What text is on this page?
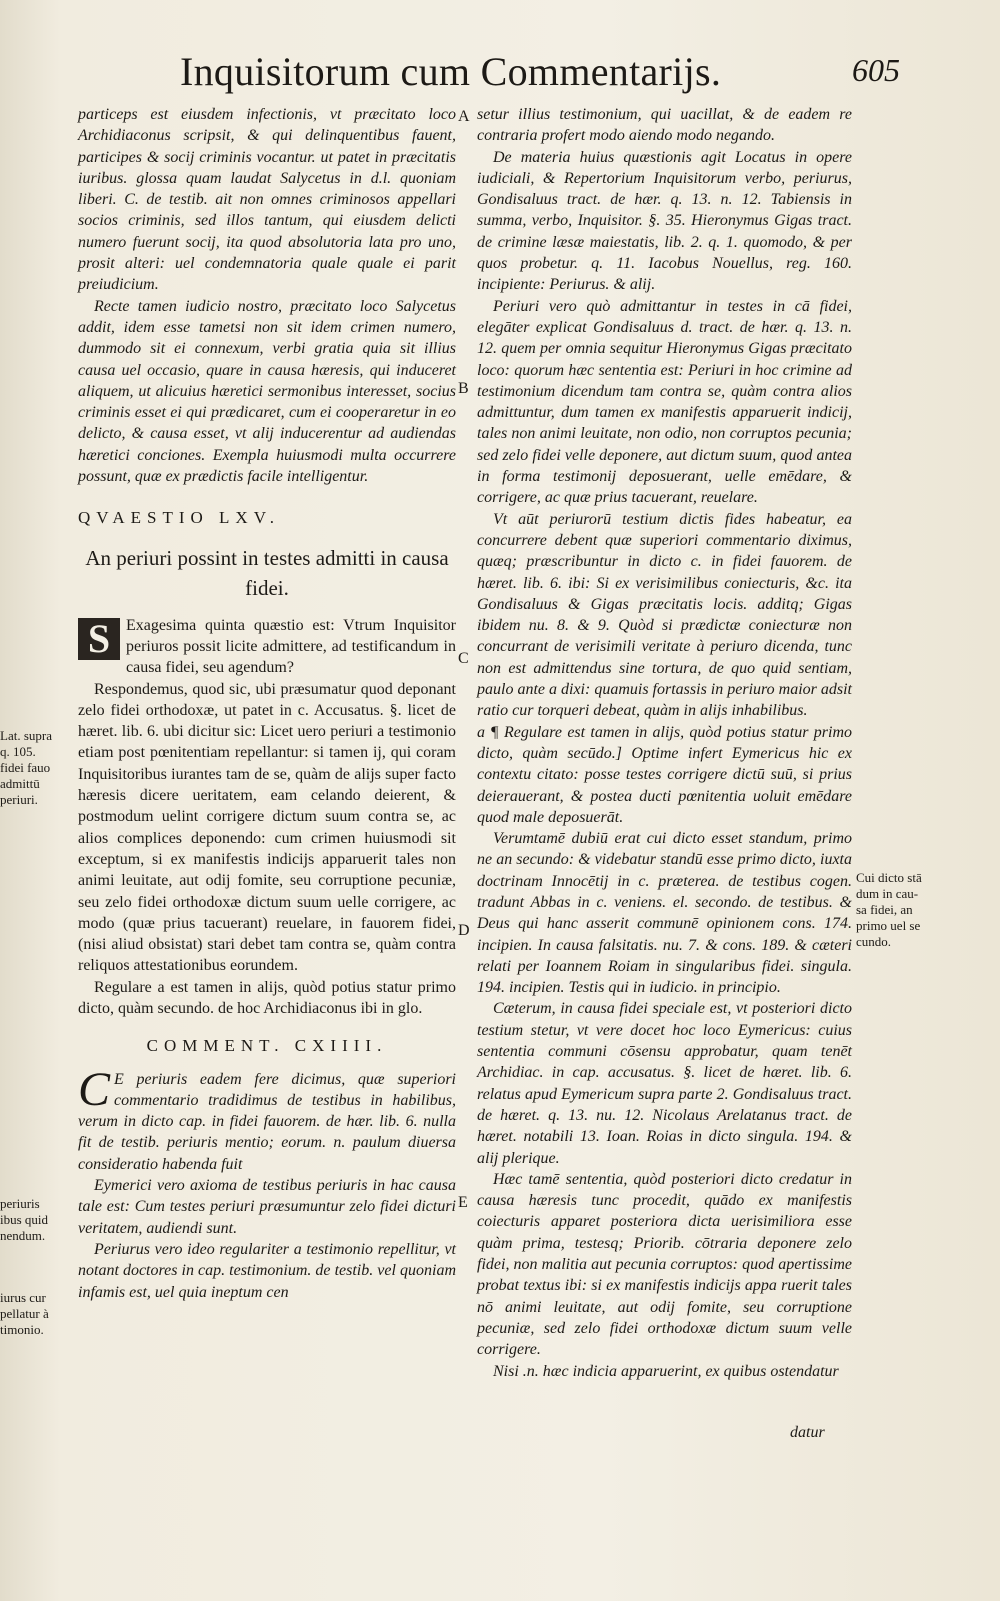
Inquisitorum cum Commentarijs.	605

particeps est eiusdem infectionis, vt præcitato loco Archidiaconus scripsit, & qui delinquentibus fauent, participes & socij criminis vocantur. ut patet in præcitatis iuribus. glossa quam laudat Salycetus in d.l. quoniam liberi. C. de testib. ait non omnes criminosos appellari socios criminis, sed illos tantum, qui eiusdem delicti numero fuerunt socij, ita quod absolutoria lata pro uno, prosit alteri: uel condemnatoria quale quale ei parit preiudicium.

Recte tamen iudicio nostro, præcitato loco Salycetus addit, idem esse tametsi non sit idem crimen numero, dummodo sit ei connexum, verbi gratia quia sit illius causa uel occasio, quare in causa hæresis, qui induceret aliquem, ut alicuius hæretici sermonibus interesset, socius criminis esset ei qui prædicaret, cum ei cooperaretur in eo delicto, & causa esset, vt alij inducerentur ad audiendas hæretici conciones. Exempla huiusmodi multa occurrere possunt, quæ ex prædictis facile intelligentur.

QVAESTIO LXV.

An periuri possint in testes admitti in causa fidei.

S Exagesima quinta quæstio est: Vtrum Inquisitor periuros possit licite admittere, ad testificandum in causa fidei, seu agendum?

Respondemus, quod sic, ubi præsumatur quod deponant zelo fidei orthodoxæ, ut patet in c. Accusatus. §. licet de hæret. lib. 6. ubi dicitur sic: Licet uero periuri a testimonio etiam post pœnitentiam repellantur: si tamen ij, qui coram Inquisitoribus iurantes tam de se, quàm de alijs super facto hæresis dicere ueritatem, eam celando deierent, & postmodum uelint corrigere dictum suum contra se, ac alios complices deponendo: cum crimen huiusmodi sit exceptum, si ex manifestis indicijs apparuerit tales non animi leuitate, aut odij fomite, seu corruptione pecuniæ, seu zelo fidei orthodoxæ dictum suum uelle corrigere, ac modo (quæ prius tacuerant) reuelare, in fauorem fidei, (nisi aliud obsistat) stari debet tam contra se, quàm contra reliquos attestationibus eorundem.

Regulare a est tamen in alijs, quòd potius statur primo dicto, quàm secundo. de hoc Archidiaconus ibi in glo.

COMMENT. CXIIII.

C E periuris eadem fere dicimus, quæ superiori commentario tradidimus de testibus in habilibus, verum in dicto cap. in fidei fauorem. de hær. lib. 6. nulla fit de testib. periuris mentio; eorum. n. paulum diuersa consideratio habenda fuit

Eymerici vero axioma de testibus periuris in hac causa tale est: Cum testes periuri præsumuntur zelo fidei dicturi veritatem, audiendi sunt.

Periurus vero ideo regulariter a testimonio repellitur, vt notant doctores in cap. testimonium. de testib. vel quoniam infamis est, uel quia ineptum cen

A
B
C
D
E

setur illius testimonium, qui uacillat, & de eadem re contraria profert modo aiendo modo negando.

De materia huius quæstionis agit Locatus in opere iudiciali, & Repertorium Inquisitorum verbo, periurus, Gondisaluus tract. de hær. q. 13. n. 12. Tabiensis in summa, verbo, Inquisitor. §. 35. Hieronymus Gigas tract. de crimine læsæ maiestatis, lib. 2. q. 1. quomodo, & per quos probetur. q. 11. Iacobus Nouellus, reg. 160. incipiente: Periurus. & alij.

Periuri vero quò admittantur in testes in cā fidei, elegāter explicat Gondisaluus d. tract. de hær. q. 13. n. 12. quem per omnia sequitur Hieronymus Gigas præcitato loco: quorum hæc sententia est: Periuri in hoc crimine ad testimonium dicendum tam contra se, quàm contra alios admittuntur, dum tamen ex manifestis apparuerit indicij, tales non animi leuitate, non odio, non corruptos pecunia; sed zelo fidei velle deponere, aut dictum suum, quod antea in forma testimonij deposuerant, uelle emēdare, & corrigere, ac quæ prius tacuerant, reuelare.

Vt aūt periurorū testium dictis fides habeatur, ea concurrere debent quæ superiori commentario diximus, quæq; præscribuntur in dicto c. in fidei fauorem. de hæret. lib. 6. ibi: Si ex verisimilibus coniecturis, &c. ita Gondisaluus & Gigas præcitatis locis. additq; Gigas ibidem nu. 8. & 9. Quòd si prædictæ coniecturæ non concurrant de verisimili veritate à periuro dicenda, tunc non est admittendus sine tortura, de quo quid sentiam, paulo ante a dixi: quamuis fortassis in periuro maior adsit ratio cur torqueri debeat, quàm in alijs inhabilibus.

a ¶ Regulare est tamen in alijs, quòd potius statur primo dicto, quàm secūdo.] Optime infert Eymericus hic ex contextu citato: posse testes corrigere dictū suū, si prius deierauerant, & postea ducti pœnitentia uoluit emēdare quod male deposuerāt.

Verumtamē dubiū erat cui dicto esset standum, primo ne an secundo: & videbatur standū esse primo dicto, iuxta doctrinam Innocētij in c. præterea. de testibus cogen. tradunt Abbas in c. veniens. el. secondo. de testibus. & Deus qui hanc asserit communē opinionem cons. 174. incipien. In causa falsitatis. nu. 7. & cons. 189. & cæteri relati per Ioannem Roiam in singularibus fidei. singula. 194. incipien. Testis qui in iudicio. in principio.

Cæterum, in causa fidei speciale est, vt posteriori dicto testium stetur, vt vere docet hoc loco Eymericus: cuius sententia communi cōsensu approbatur, quam tenēt Archidiac. in cap. accusatus. §. licet de hæret. lib. 6. relatus apud Eymericum supra parte 2. Gondisaluus tract. de hæret. q. 13. nu. 12. Nicolaus Arelatanus tract. de hæret. notabili 13. Ioan. Roias in dicto singula. 194. & alij plerique.

Hæc tamē sententia, quòd posteriori dicto credatur in causa hæresis tunc procedit, quādo ex manifestis coiecturis apparet posteriora dicta uerisimiliora esse quàm prima, testesq; Priorib. cōtraria deponere zelo fidei, non malitia aut pecunia corruptos: quod apertissime probat textus ibi: si ex manifestis indicijs appa ruerit tales nō animi leuitate, aut odij fomite, seu corruptione pecuniæ, sed zelo fidei orthodoxæ dictum suum velle corrigere.

Nisi .n. hæc indicia apparuerint, ex quibus ostendatur

datur
Lat. supra
q. 105.
fidei fauo
admittū
periuri.
periuris
ibus quid
nendum.
iurus cur
pellatur à
timonio.
Cui dicto stā
dum in cau-
sa fidei, an
primo uel se
cundo.
